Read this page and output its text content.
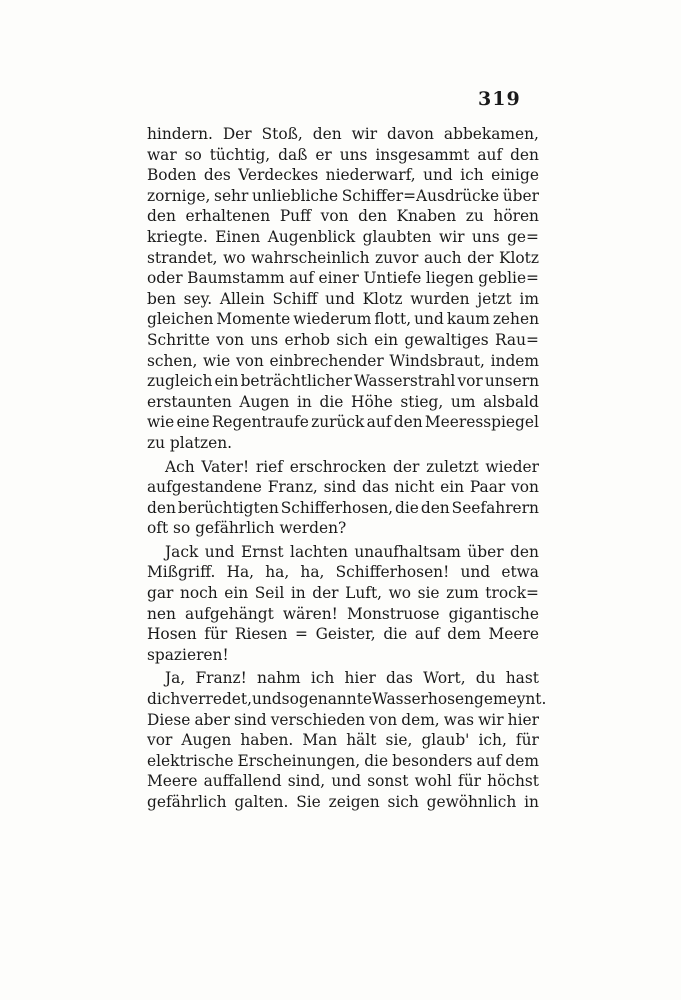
319
hindern. Der Stoß, den wir davon abbekamen,
war so tüchtig, daß er uns insgesammt auf den
Boden des Verdeckes niederwarf, und ich einige
zornige, sehr unliebliche Schiffer=Ausdrücke über
den erhaltenen Puff von den Knaben zu hören
kriegte. Einen Augenblick glaubten wir uns ge=
strandet, wo wahrscheinlich zuvor auch der Klotz
oder Baumstamm auf einer Untiefe liegen geblie=
ben sey. Allein Schiff und Klotz wurden jetzt im
gleichen Momente wiederum flott, und kaum zehen
Schritte von uns erhob sich ein gewaltiges Rau=
schen, wie von einbrechender Windsbraut, indem
zugleich ein beträchtlicher Wasserstrahl vor unsern
erstaunten Augen in die Höhe stieg, um alsbald
wie eine Regentraufe zurück auf den Meeresspiegel
zu platzen.
Ach Vater! rief erschrocken der zuletzt wieder
aufgestandene Franz, sind das nicht ein Paar von
den berüchtigten Schifferhosen, die den Seefahrern
oft so gefährlich werden?
Jack und Ernst lachten unaufhaltsam über den
Mißgriff. Ha, ha, ha, Schifferhosen! und etwa
gar noch ein Seil in der Luft, wo sie zum trock=
nen aufgehängt wären! Monstruose gigantische
Hosen für Riesen = Geister, die auf dem Meere
spazieren!
Ja, Franz! nahm ich hier das Wort, du hast
dich verredet, und sogenannte Wasserhosen gemeynt.
Diese aber sind verschieden von dem, was wir hier
vor Augen haben. Man hält sie, glaub' ich, für
elektrische Erscheinungen, die besonders auf dem
Meere auffallend sind, und sonst wohl für höchst
gefährlich galten. Sie zeigen sich gewöhnlich in
